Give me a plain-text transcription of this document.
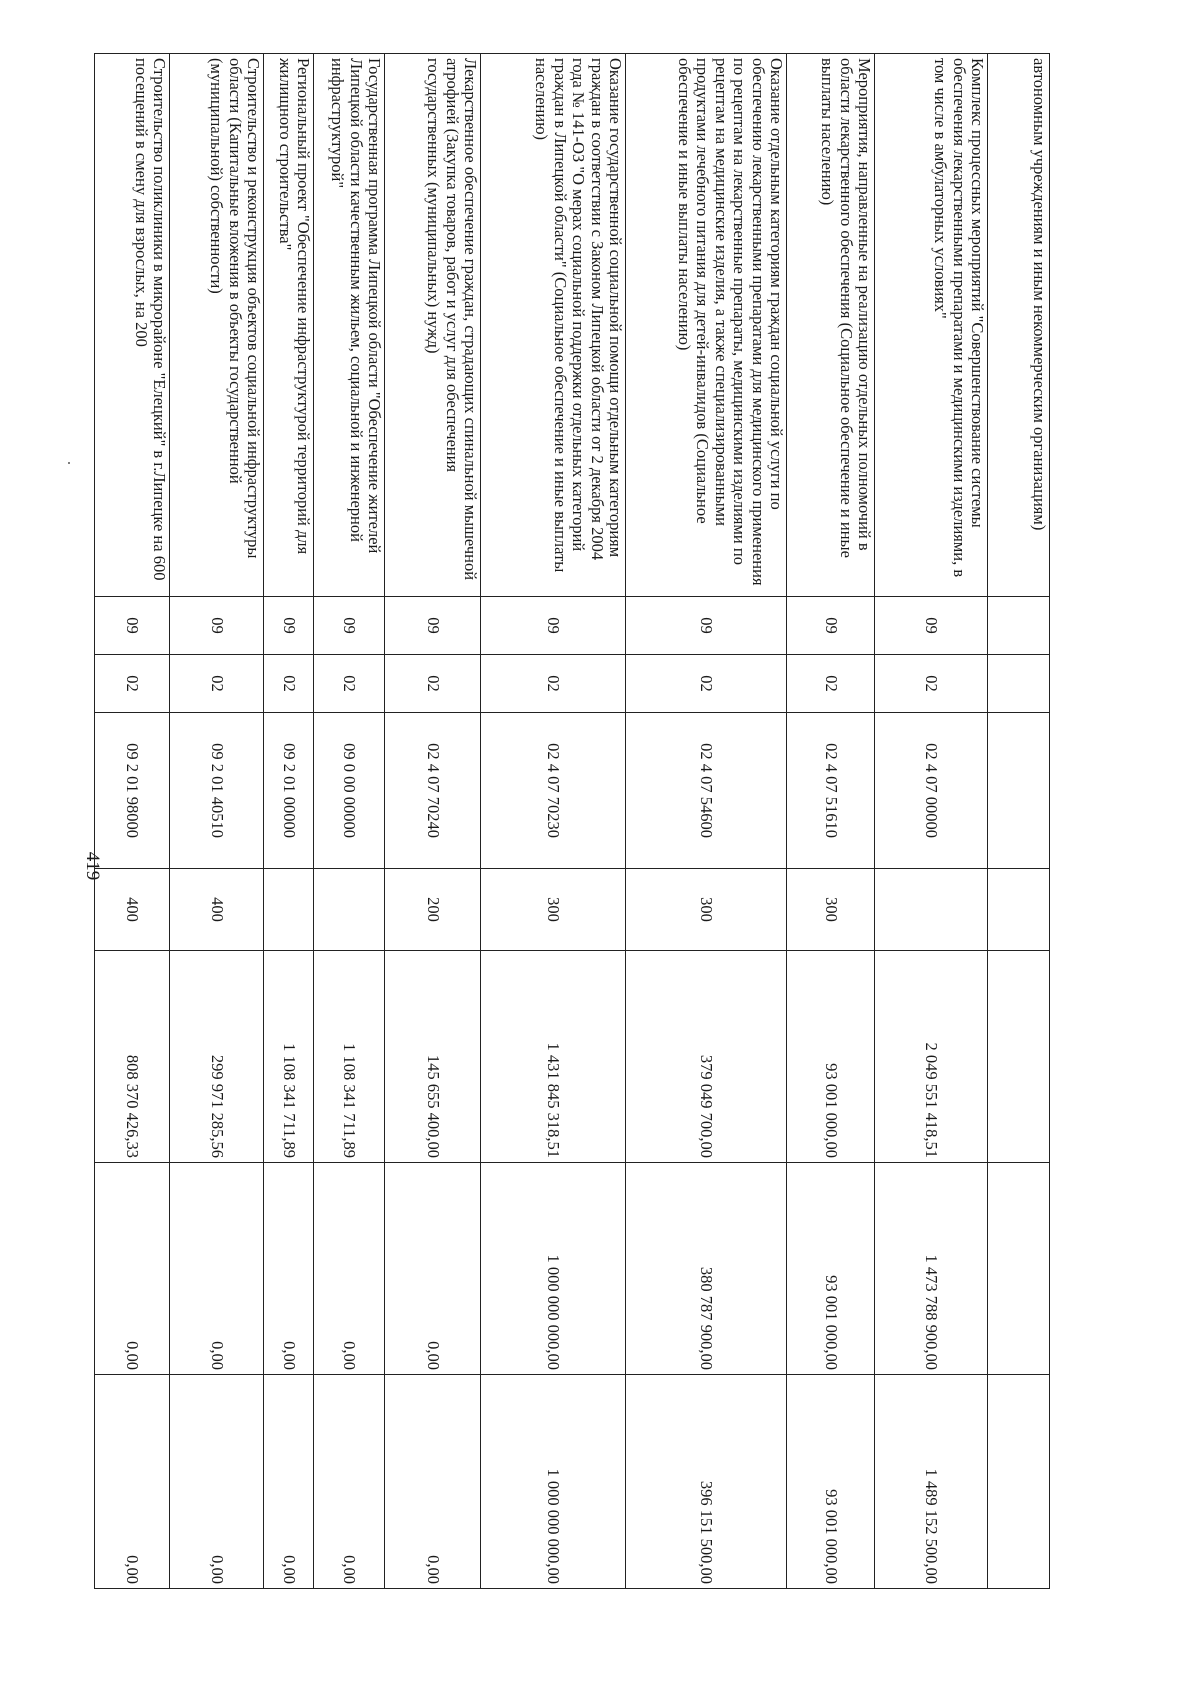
419
автономным учреждениям и иным некоммерческим организациям)							
Комплекс процессных мероприятий "Совершенствование системы обеспечения лекарственными препаратами и медицинскими изделиями, в том числе в амбулаторных условиях"	09	02	02 4 07 00000		2 049 551 418,51	1 473 788 900,00	1 489 152 500,00
Мероприятия, направленные на реализацию отдельных полномочий в области лекарственного обеспечения (Социальное обеспечение и иные выплаты населению)	09	02	02 4 07 51610	300	93 001 000,00	93 001 000,00	93 001 000,00
Оказание отдельным категориям граждан социальной услуги по обеспечению лекарственными препаратами для медицинского применения по рецептам на лекарственные препараты, медицинскими изделиями по рецептам на медицинские изделия, а также специализированными продуктами лечебного питания для детей-инвалидов (Социальное обеспечение и иные выплаты населению)	09	02	02 4 07 54600	300	379 049 700,00	380 787 900,00	396 151 500,00
Оказание государственной социальной помощи отдельным категориям граждан в соответствии с Законом Липецкой области от 2 декабря 2004 года № 141-ОЗ "О мерах социальной поддержки отдельных категорий граждан в Липецкой области" (Социальное обеспечение и иные выплаты населению)	09	02	02 4 07 70230	300	1 431 845 318,51	1 000 000 000,00	1 000 000 000,00
Лекарственное обеспечение граждан, страдающих спинальной мышечной атрофией (Закупка товаров, работ и услуг для обеспечения государственных (муниципальных) нужд)	09	02	02 4 07 70240	200	145 655 400,00	0,00	0,00
Государственная программа Липецкой области "Обеспечение жителей Липецкой области качественным жильем, социальной и инженерной инфраструктурой"	09	02	09 0 00 00000		1 108 341 711,89	0,00	0,00
Региональный проект "Обеспечение инфраструктурой территорий для жилищного строительства"	09	02	09 2 01 00000		1 108 341 711,89	0,00	0,00
Строительство и реконструкция объектов социальной инфраструктуры области (Капитальные вложения в объекты государственной (муниципальной) собственности)	09	02	09 2 01 40510	400	299 971 285,56	0,00	0,00
Строительство поликлиники в микрорайоне "Елецкий" в г.Липецке на 600 посещений в смену для взрослых, на 200	09	02	09 2 01 98000	400	808 370 426,33	0,00	0,00
